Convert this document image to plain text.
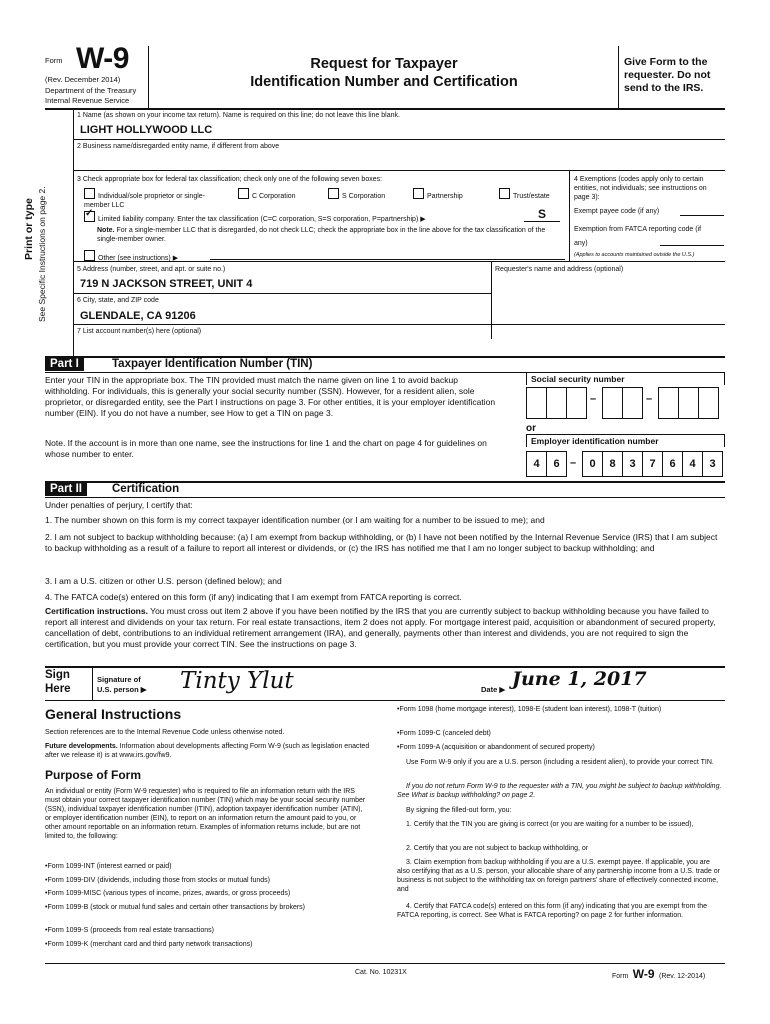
Form W-9
(Rev. December 2014)
Department of the Treasury
Internal Revenue Service
Request for Taxpayer
Identification Number and Certification
Give Form to the requester. Do not send to the IRS.
Print or type See Specific Instructions on page 2.
1 Name (as shown on your income tax return). Name is required on this line; do not leave this line blank.
LIGHT HOLLYWOOD LLC
2 Business name/disregarded entity name, if different from above
3 Check appropriate box for federal tax classification; check only one of the following seven boxes:
Individual/sole proprietor or single-member LLC
C Corporation	S Corporation	Partnership	Trust/estate
✓Limited liability company. Enter the tax classification (C=C corporation, S=S corporation, P=partnership) ▶	S
Note. For a single-member LLC that is disregarded, do not check LLC; check the appropriate box in the line above for the tax classification of the single-member owner.
Other (see instructions) ▶
4 Exemptions (codes apply only to certain entities, not individuals; see instructions on page 3):
Exempt payee code (if any)
Exemption from FATCA reporting code (if any)
(Applies to accounts maintained outside the U.S.)
5 Address (number, street, and apt. or suite no.)
719 N JACKSON STREET, UNIT 4
Requester's name and address (optional)
6 City, state, and ZIP code
GLENDALE, CA 91206
7 List account number(s) here (optional)
Part I	Taxpayer Identification Number (TIN)
Enter your TIN in the appropriate box. The TIN provided must match the name given on line 1 to avoid backup withholding. For individuals, this is generally your social security number (SSN). However, for a resident alien, sole proprietor, or disregarded entity, see the Part I instructions on page 3. For other entities, it is your employer identification number (EIN). If you do not have a number, see How to get a TIN on page 3.
Note. If the account is in more than one name, see the instructions for line 1 and the chart on page 4 for guidelines on whose number to enter.
Social security number
–	–
or
Employer identification number
4	6 –	0	8	3	7	6	4	3
Part II	Certification
Under penalties of perjury, I certify that:
1. The number shown on this form is my correct taxpayer identification number (or I am waiting for a number to be issued to me); and
2. I am not subject to backup withholding because: (a) I am exempt from backup withholding, or (b) I have not been notified by the Internal Revenue Service (IRS) that I am subject to backup withholding as a result of a failure to report all interest or dividends, or (c) the IRS has notified me that I am no longer subject to backup withholding; and
3. I am a U.S. citizen or other U.S. person (defined below); and
4. The FATCA code(s) entered on this form (if any) indicating that I am exempt from FATCA reporting is correct.
Certification instructions. You must cross out item 2 above if you have been notified by the IRS that you are currently subject to backup withholding because you have failed to report all interest and dividends on your tax return. For real estate transactions, item 2 does not apply. For mortgage interest paid, acquisition or abandonment of secured property, cancellation of debt, contributions to an individual retirement arrangement (IRA), and generally, payments other than interest and dividends, you are not required to sign the certification, but you must provide your correct TIN. See the instructions on page 3.
Sign Here
Signature of U.S. person ▶	Tinty Ylut	Date ▶ June 1, 2017
General Instructions
Section references are to the Internal Revenue Code unless otherwise noted.
Future developments. Information about developments affecting Form W-9 (such as legislation enacted after we release it) is at www.irs.gov/fw9.
Purpose of Form
An individual or entity (Form W-9 requester) who is required to file an information return with the IRS must obtain your correct taxpayer identification number (TIN) which may be your social security number (SSN), individual taxpayer identification number (ITIN), adoption taxpayer identification number (ATIN), or employer identification number (EIN), to report on an information return the amount paid to you, or other amount reportable on an information return. Examples of information returns include, but are not limited to, the following:
• Form 1099-INT (interest earned or paid)
• Form 1099-DIV (dividends, including those from stocks or mutual funds)
• Form 1099-MISC (various types of income, prizes, awards, or gross proceeds)
• Form 1099-B (stock or mutual fund sales and certain other transactions by brokers)
• Form 1099-S (proceeds from real estate transactions)
• Form 1099-K (merchant card and third party network transactions)
• Form 1098 (home mortgage interest), 1098-E (student loan interest), 1098-T (tuition)
• Form 1099-C (canceled debt)
• Form 1099-A (acquisition or abandonment of secured property)
Use Form W-9 only if you are a U.S. person (including a resident alien), to provide your correct TIN.
If you do not return Form W-9 to the requester with a TIN, you might be subject to backup withholding. See What is backup withholding? on page 2.
By signing the filled-out form, you:
1. Certify that the TIN you are giving is correct (or you are waiting for a number to be issued),
2. Certify that you are not subject to backup withholding, or
3. Claim exemption from backup withholding if you are a U.S. exempt payee. If applicable, you are also certifying that as a U.S. person, your allocable share of any partnership income from a U.S. trade or business is not subject to the withholding tax on foreign partners' share of effectively connected income, and
4. Certify that FATCA code(s) entered on this form (if any) indicating that you are exempt from the FATCA reporting, is correct. See What is FATCA reporting? on page 2 for further information.
Cat. No. 10231X
Form W-9 (Rev. 12-2014)
